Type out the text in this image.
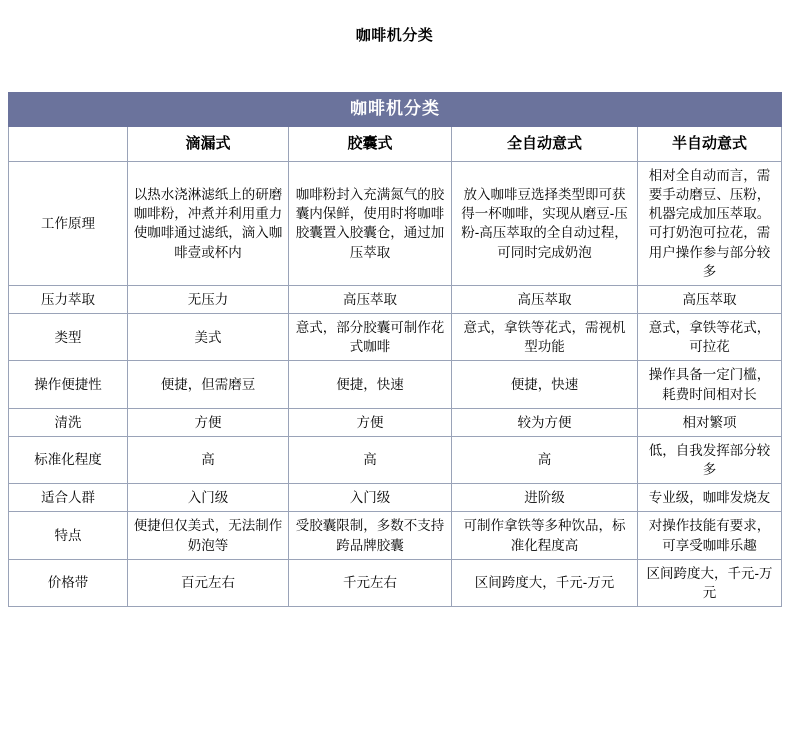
咖啡机分类
咖啡机分类				
	滴漏式	胶囊式	全自动意式	半自动意式
工作原理	以热水浇淋滤纸上的研磨咖啡粉，冲煮并利用重力使咖啡通过滤纸，滴入咖啡壹或杯内	咖啡粉封入充满氮气的胶囊内保鲜，使用时将咖啡胶囊置入胶囊仓，通过加压萃取	放入咖啡豆选择类型即可获得一杯咖啡，实现从磨豆-压粉-高压萃取的全自动过程，可同时完成奶泡	相对全自动而言，需要手动磨豆、压粉，机器完成加压萃取。可打奶泡可拉花，需用户操作参与部分较多
压力萃取	无压力	高压萃取	高压萃取	高压萃取
类型	美式	意式，部分胶囊可制作花式咖啡	意式，拿铁等花式，需视机型功能	意式，拿铁等花式，可拉花
操作便捷性	便捷，但需磨豆	便捷，快速	便捷，快速	操作具备一定门槛，耗费时间相对长
清洗	方便	方便	较为方便	相对繁项
标准化程度	高	高	高	低，自我发挥部分较多
适合人群	入门级	入门级	进阶级	专业级，咖啡发烧友
特点	便捷但仅美式，无法制作奶泡等	受胶囊限制，多数不支持跨品牌胶囊	可制作拿铁等多种饮品，标准化程度高	对操作技能有要求，可享受咖啡乐趣
价格带	百元左右	千元左右	区间跨度大，千元-万元	区间跨度大，千元-万元
